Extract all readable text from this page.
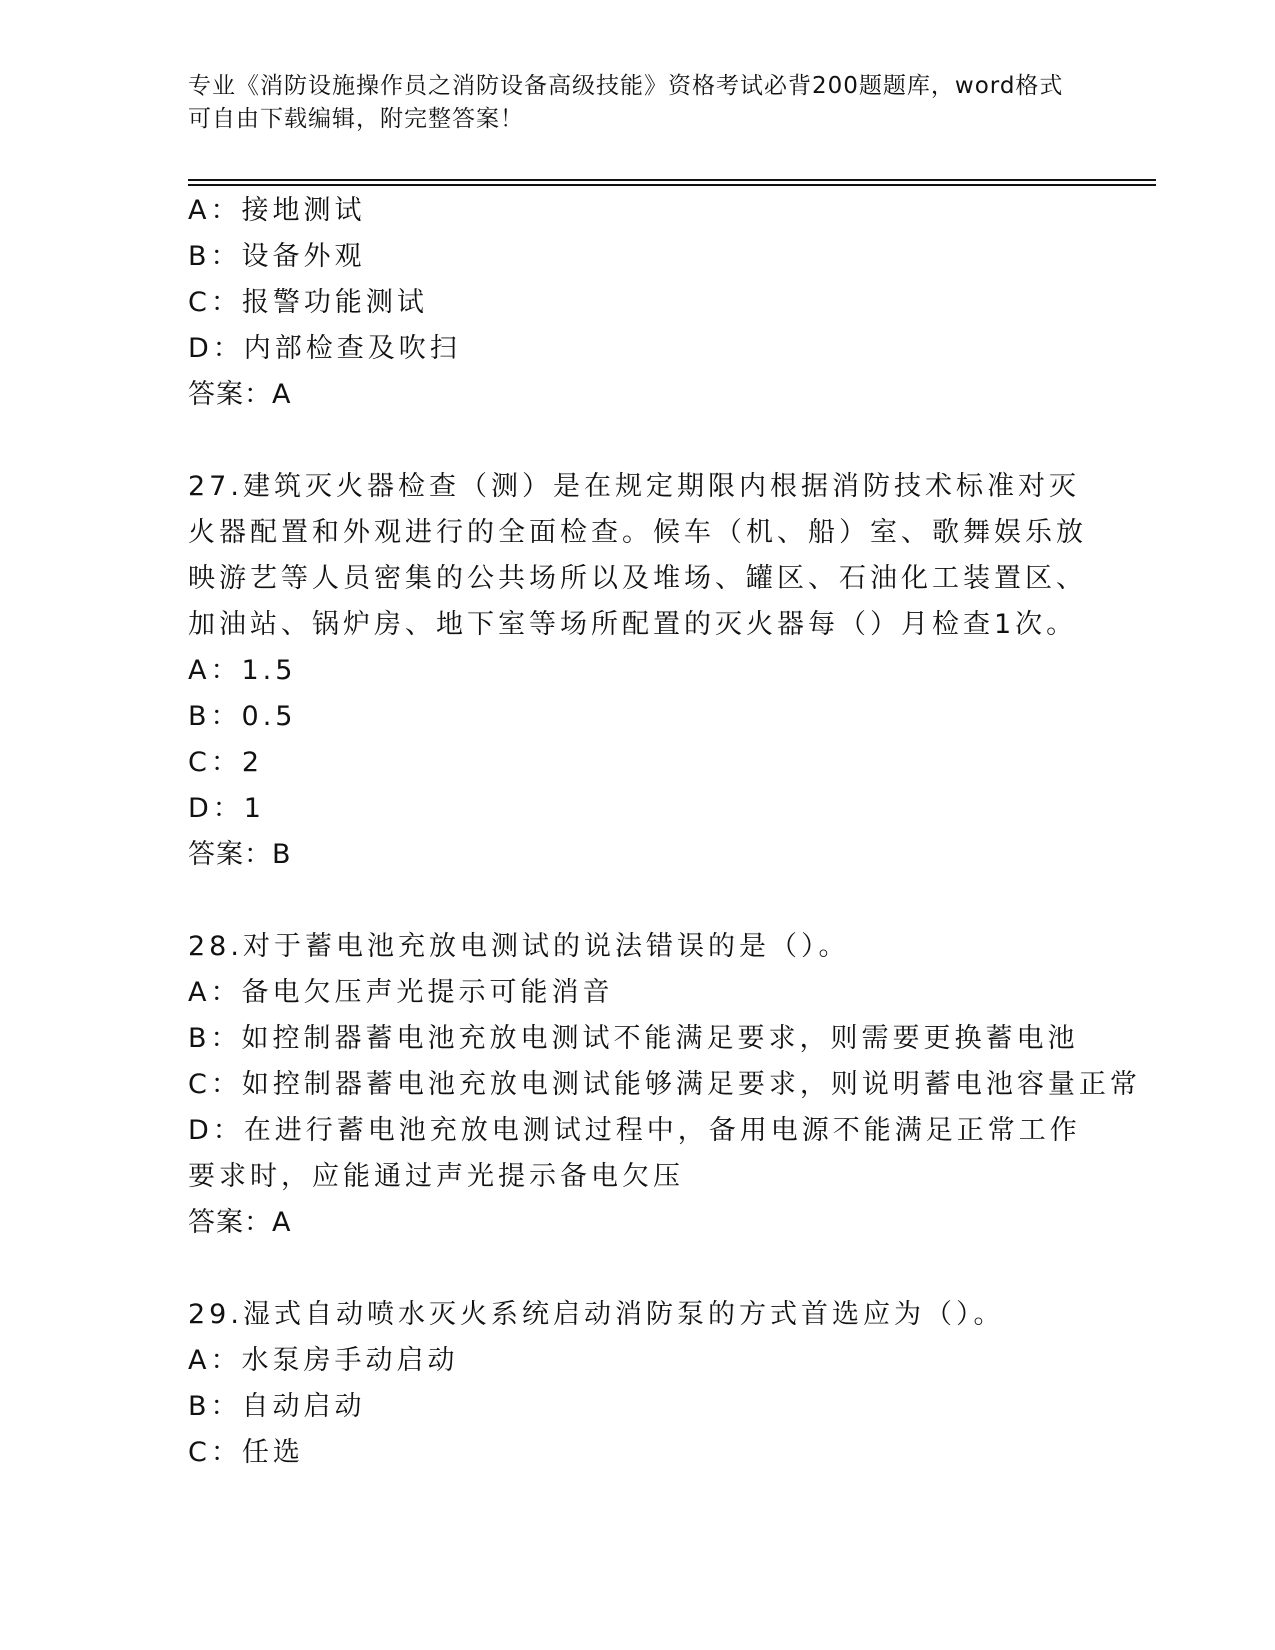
专业《消防设施操作员之消防设备高级技能》资格考试必背200题题库，word格式可自由下载编辑，附完整答案！
A：接地测试
B：设备外观
C：报警功能测试
D：内部检查及吹扫
答案：A
27.建筑灭火器检查（测）是在规定期限内根据消防技术标准对灭火器配置和外观进行的全面检查。候车（机、船）室、歌舞娱乐放映游艺等人员密集的公共场所以及堆场、罐区、石油化工装置区、加油站、锅炉房、地下室等场所配置的灭火器每（）月检查1次。
A：1.5
B：0.5
C：2
D：1
答案：B
28.对于蓄电池充放电测试的说法错误的是（）。
A：备电欠压声光提示可能消音
B：如控制器蓄电池充放电测试不能满足要求，则需要更换蓄电池
C：如控制器蓄电池充放电测试能够满足要求，则说明蓄电池容量正常
D：在进行蓄电池充放电测试过程中，备用电源不能满足正常工作要求时，应能通过声光提示备电欠压
答案：A
29.湿式自动喷水灭火系统启动消防泵的方式首选应为（）。
A：水泵房手动启动
B：自动启动
C：任选
